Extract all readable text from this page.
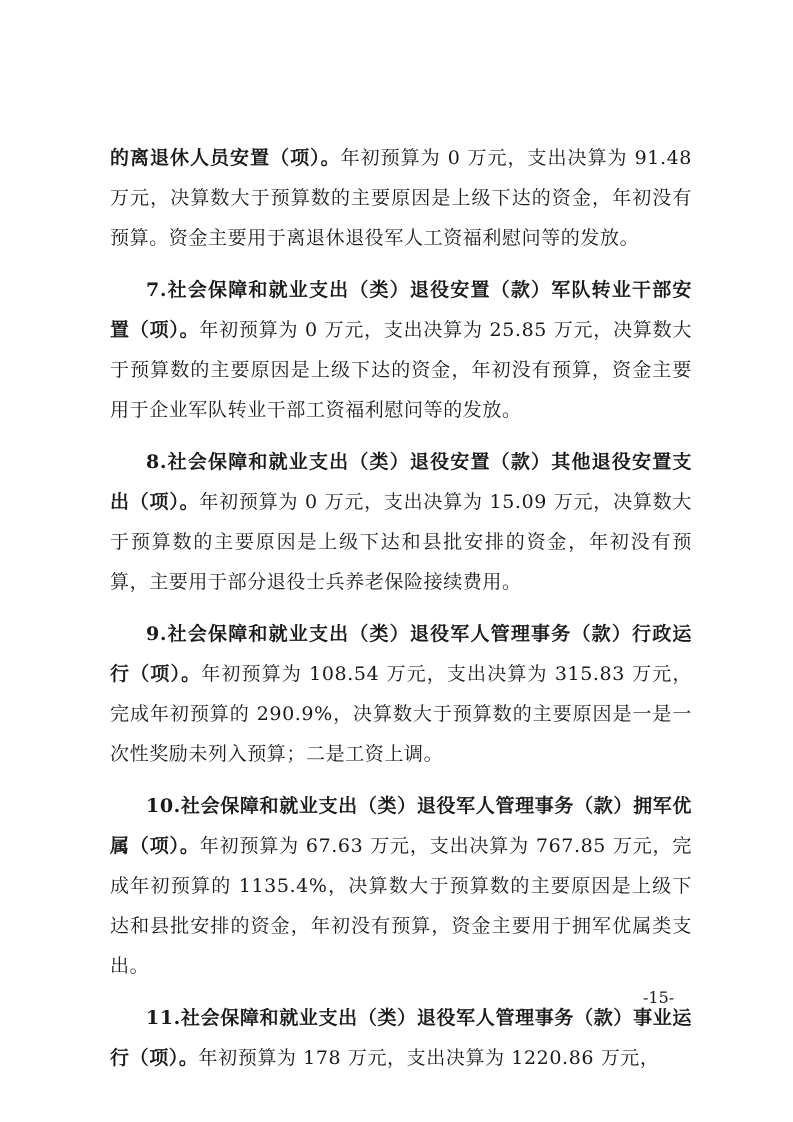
的离退休人员安置（项）。年初预算为 0 万元，支出决算为 91.48 万元，决算数大于预算数的主要原因是上级下达的资金，年初没有预算。资金主要用于离退休退役军人工资福利慰问等的发放。

7.社会保障和就业支出（类）退役安置（款）军队转业干部安置（项）。年初预算为 0 万元，支出决算为 25.85 万元，决算数大于预算数的主要原因是上级下达的资金，年初没有预算，资金主要用于企业军队转业干部工资福利慰问等的发放。

8.社会保障和就业支出（类）退役安置（款）其他退役安置支出（项）。年初预算为 0 万元，支出决算为 15.09 万元，决算数大于预算数的主要原因是上级下达和县批安排的资金，年初没有预算，主要用于部分退役士兵养老保险接续费用。

9.社会保障和就业支出（类）退役军人管理事务（款）行政运行（项）。年初预算为 108.54 万元，支出决算为 315.83 万元，完成年初预算的 290.9%，决算数大于预算数的主要原因是一是一次性奖励未列入预算；二是工资上调。

10.社会保障和就业支出（类）退役军人管理事务（款）拥军优属（项）。年初预算为 67.63 万元，支出决算为 767.85 万元，完成年初预算的 1135.4%，决算数大于预算数的主要原因是上级下达和县批安排的资金，年初没有预算，资金主要用于拥军优属类支出。

11.社会保障和就业支出（类）退役军人管理事务（款）事业运行（项）。年初预算为 178 万元，支出决算为 1220.86 万元，

-15-
